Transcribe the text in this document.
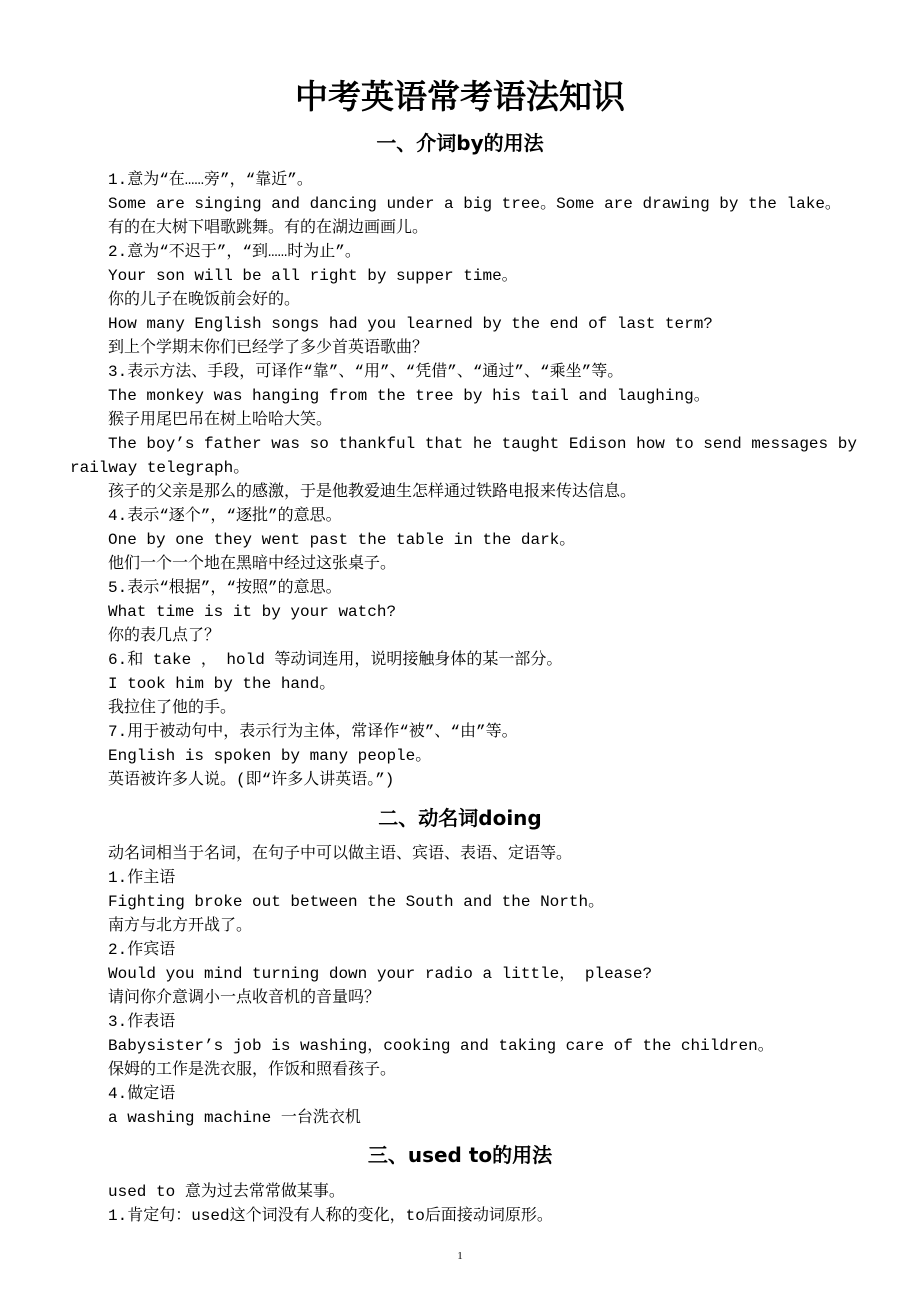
中考英语常考语法知识
一、介词by的用法

1.意为“在……旁”，“靠近”。

Some are singing and dancing under a big tree。Some are drawing by the lake。

有的在大树下唱歌跳舞。有的在湖边画画儿。

2.意为“不迟于”，“到……时为止”。

Your son will be all right by supper time。

你的儿子在晚饭前会好的。

How many English songs had you learned by the end of last term?

到上个学期末你们已经学了多少首英语歌曲？

3.表示方法、手段，可译作“靠”、“用”、“凭借”、“通过”、“乘坐”等。

The monkey was hanging from the tree by his tail and laughing。

猴子用尾巴吊在树上哈哈大笑。

The boy’s father was so thankful that he taught Edison how to send messages by railway telegraph。

孩子的父亲是那么的感激，于是他教爱迪生怎样通过铁路电报来传达信息。

4.表示“逐个”，“逐批”的意思。

One by one they went past the table in the dark。

他们一个一个地在黑暗中经过这张桌子。

5.表示“根据”，“按照”的意思。

What time is it by your watch?

你的表几点了？

6.和 take ， hold 等动词连用，说明接触身体的某一部分。

I took him by the hand。

我拉住了他的手。

7.用于被动句中，表示行为主体，常译作“被”、“由”等。

English is spoken by many people。

英语被许多人说。(即“许多人讲英语。”)

二、动名词doing

动名词相当于名词，在句子中可以做主语、宾语、表语、定语等。

1.作主语

Fighting broke out between the South and the North。

南方与北方开战了。

2.作宾语

Would you mind turning down your radio a little， please?

请问你介意调小一点收音机的音量吗？

3.作表语

Babysister’s job is washing，cooking and taking care of the children。

保姆的工作是洗衣服，作饭和照看孩子。

4.做定语

a washing machine 一台洗衣机

三、used to的用法

used to 意为过去常常做某事。

1.肯定句：used这个词没有人称的变化，to后面接动词原形。

1
